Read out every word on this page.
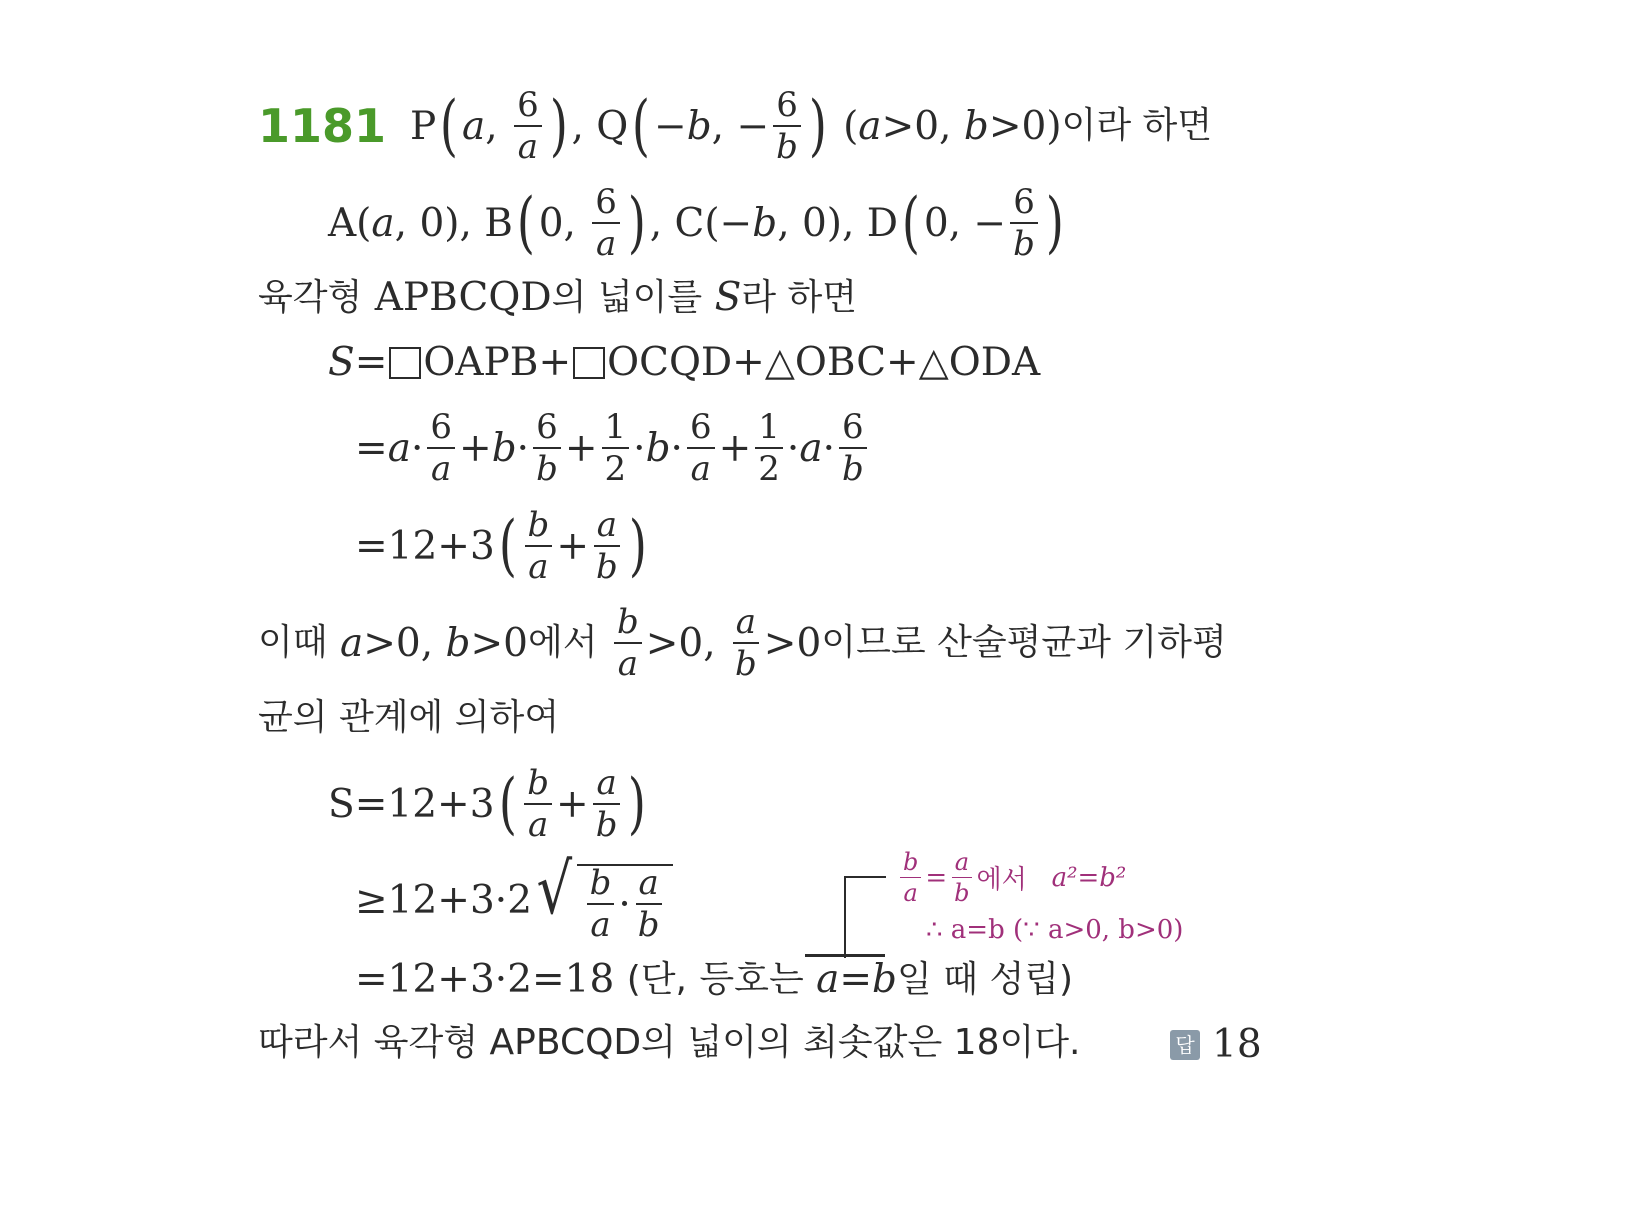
1181 P ( a , $\frac{6}{a}$ ) , Q ( − b , − $\frac{6}{b}$ ) ( a >0, b >0) 이라 하면
A(a, 0), B ( 0, $\frac{6}{a}$ ) , C(− b , 0), D ( 0, − $\frac{6}{b}$ )
육각형
APBCQD 의 넓이를
S 라 하면
S = OAPB+ OCQD+△OBC+△ODA
= $a \cdot \frac{6}{a} + b \cdot \frac{6}{b} + \frac{1}{2} \cdot b \cdot \frac{6}{a} + \frac{1}{2} \cdot a \cdot \frac{6}{b}$
=12+3 ( $\frac{b}{a} + \frac{a}{b}$ )
이때
a >0, b >0 에서
$\frac{b}{a} >0$, $\frac{a}{b} >0$ 이므로 산술평균과 기하평
균의 관계에 의하여
S=12+3 ( $\frac{b}{a} + \frac{a}{b}$ )
≥12+3·2 √ $\frac{b}{a} \cdot \frac{a}{b}$
=12+3·2=18
(단,
등호는
a=b 일 때 성립)
$\frac{b}{a} = \frac{a}{b}$ 에서
a²=b²
∴ a=b (∵ a>0, b>0)
따라서 육각형 APBCQD의 넓이의 최솟값은 18이다.	답 18
